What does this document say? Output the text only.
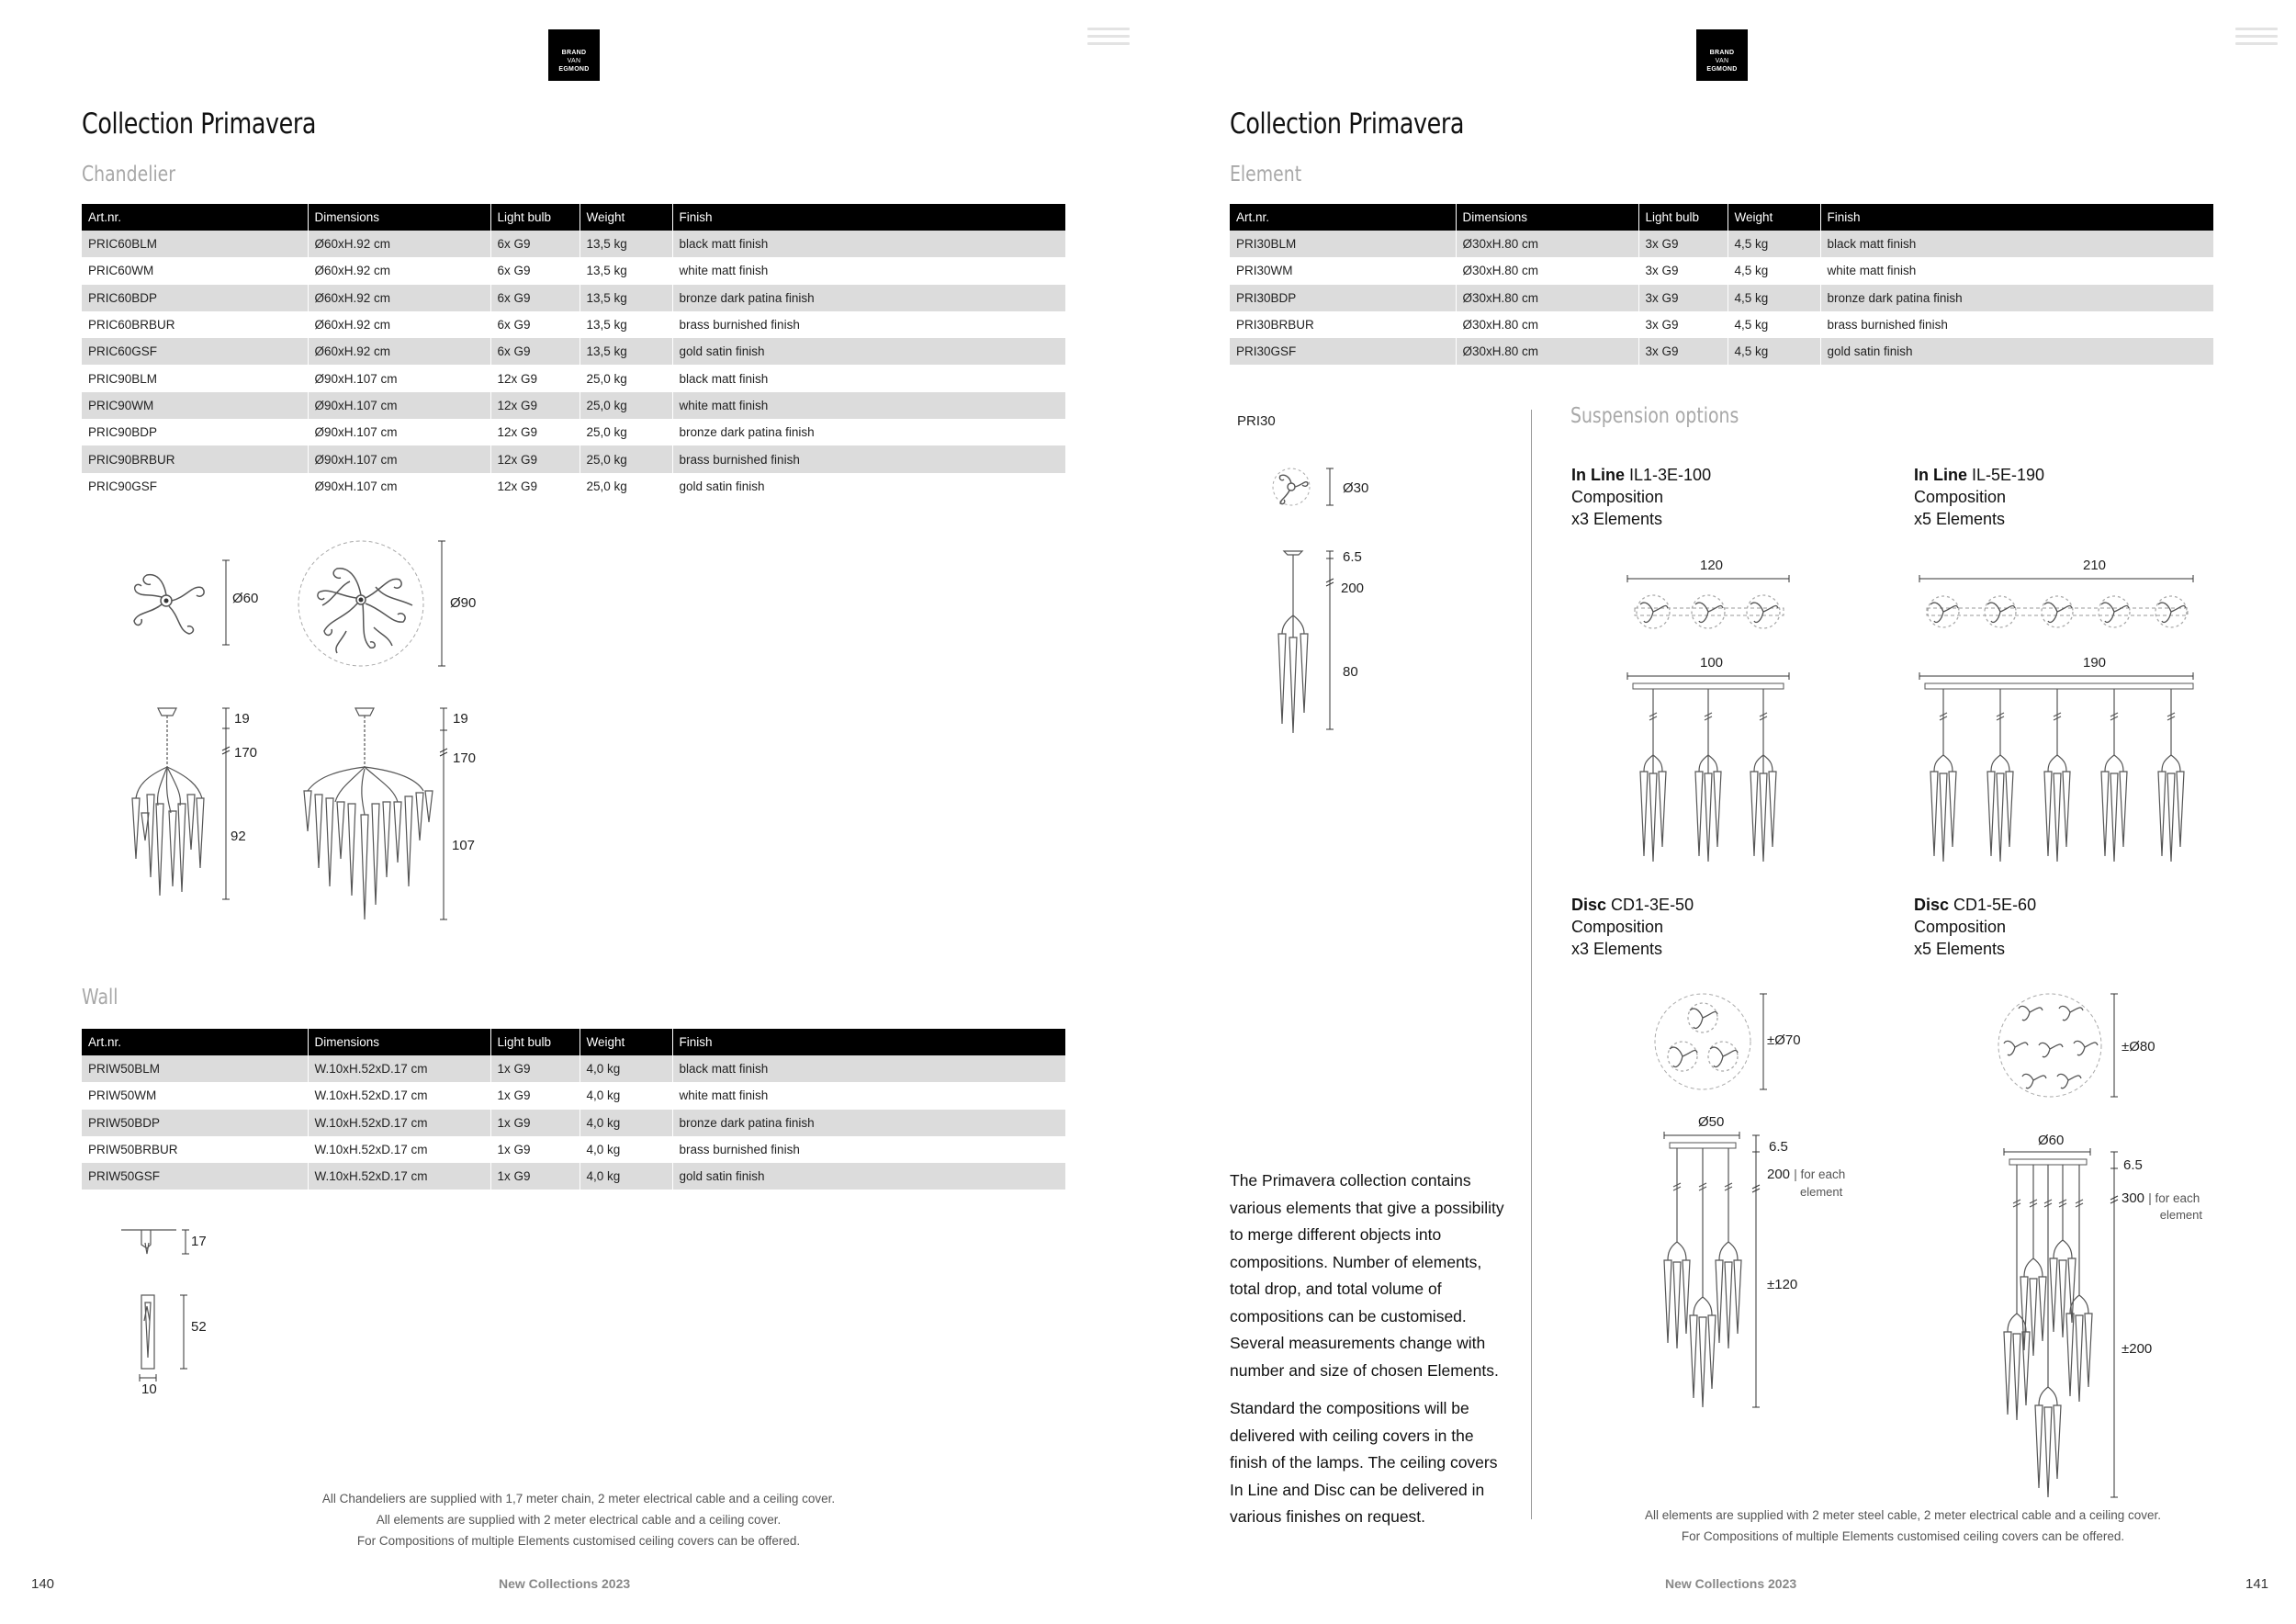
BRAND
VAN
EGMOND
Collection Primavera
Chandelier
Art.nr.	Dimensions	Light bulb	Weight	Finish
PRIC60BLM	Ø60xH.92 cm	6x G9	13,5 kg	black matt finish
PRIC60WM	Ø60xH.92 cm	6x G9	13,5 kg	white matt finish
PRIC60BDP	Ø60xH.92 cm	6x G9	13,5 kg	bronze dark patina finish
PRIC60BRBUR	Ø60xH.92 cm	6x G9	13,5 kg	brass burnished finish
PRIC60GSF	Ø60xH.92 cm	6x G9	13,5 kg	gold satin finish
PRIC90BLM	Ø90xH.107 cm	12x G9	25,0 kg	black matt finish
PRIC90WM	Ø90xH.107 cm	12x G9	25,0 kg	white matt finish
PRIC90BDP	Ø90xH.107 cm	12x G9	25,0 kg	bronze dark patina finish
PRIC90BRBUR	Ø90xH.107 cm	12x G9	25,0 kg	brass burnished finish
PRIC90GSF	Ø90xH.107 cm	12x G9	25,0 kg	gold satin finish
Ø60	Ø90
19
170
92
19
170
107
Wall
Art.nr.	Dimensions	Light bulb	Weight	Finish
PRIW50BLM	W.10xH.52xD.17 cm	1x G9	4,0 kg	black matt finish
PRIW50WM	W.10xH.52xD.17 cm	1x G9	4,0 kg	white matt finish
PRIW50BDP	W.10xH.52xD.17 cm	1x G9	4,0 kg	bronze dark patina finish
PRIW50BRBUR	W.10xH.52xD.17 cm	1x G9	4,0 kg	brass burnished finish
PRIW50GSF	W.10xH.52xD.17 cm	1x G9	4,0 kg	gold satin finish
17
52
10
All Chandeliers are supplied with 1,7 meter chain, 2 meter electrical cable and a ceiling cover.
All elements are supplied with 2 meter electrical cable and a ceiling cover.
For Compositions of multiple Elements customised ceiling covers can be offered.
140	New Collections 2023
BRAND
VAN
EGMOND
Collection Primavera
Element
Art.nr.	Dimensions	Light bulb	Weight	Finish
PRI30BLM	Ø30xH.80 cm	3x G9	4,5 kg	black matt finish
PRI30WM	Ø30xH.80 cm	3x G9	4,5 kg	white matt finish
PRI30BDP	Ø30xH.80 cm	3x G9	4,5 kg	bronze dark patina finish
PRI30BRBUR	Ø30xH.80 cm	3x G9	4,5 kg	brass burnished finish
PRI30GSF	Ø30xH.80 cm	3x G9	4,5 kg	gold satin finish
PRI30
Ø30
6.5
200
80
Suspension options
In Line IL1-3E-100
Composition
x3 Elements
120
100
In Line IL-5E-190
Composition
x5 Elements
210
190
Disc CD1-3E-50
Composition
x3 Elements
±Ø70
Ø50
6.5
200 | for each
element
±120
Disc CD1-5E-60
Composition
x5 Elements
±Ø80
Ø60
6.5
300 | for each
element
±200

The Primavera collection contains various elements that give a possibility to merge different objects into compositions. Number of elements, total drop, and total volume of compositions can be customised. Several measurements change with number and size of chosen Elements.

Standard the compositions will be delivered with ceiling covers in the finish of the lamps. The ceiling covers In Line and Disc can be delivered in various finishes on request.	All elements are supplied with 2 meter steel cable, 2 meter electrical cable and a ceiling cover.
For Compositions of multiple Elements customised ceiling covers can be offered.
141
New Collections 2023
